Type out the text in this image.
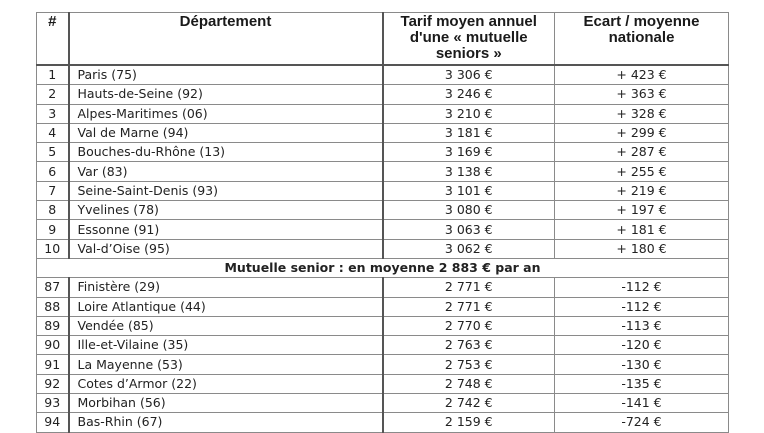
#	Département	Tarif moyen annuel d'une « mutuelle seniors »	Ecart / moyenne nationale
1	Paris (75)	3 306 €	+ 423 €
2	Hauts-de-Seine (92)	3 246 €	+ 363 €
3	Alpes-Maritimes (06)	3 210 €	+ 328 €
4	Val de Marne (94)	3 181 €	+ 299 €
5	Bouches-du-Rhône (13)	3 169 €	+ 287 €
6	Var (83)	3 138 €	+ 255 €
7	Seine-Saint-Denis (93)	3 101 €	+ 219 €
8	Yvelines (78)	3 080 €	+ 197 €
9	Essonne (91)	3 063 €	+ 181 €
10	Val-d’Oise (95)	3 062 €	+ 180 €
Mutuelle senior : en moyenne 2 883 € par an			
87	Finistère (29)	2 771 €	-112 €
88	Loire Atlantique (44)	2 771 €	-112 €
89	Vendée (85)	2 770 €	-113 €
90	Ille-et-Vilaine (35)	2 763 €	-120 €
91	La Mayenne (53)	2 753 €	-130 €
92	Cotes d’Armor (22)	2 748 €	-135 €
93	Morbihan (56)	2 742 €	-141 €
94	Bas-Rhin (67)	2 159 €	-724 €
